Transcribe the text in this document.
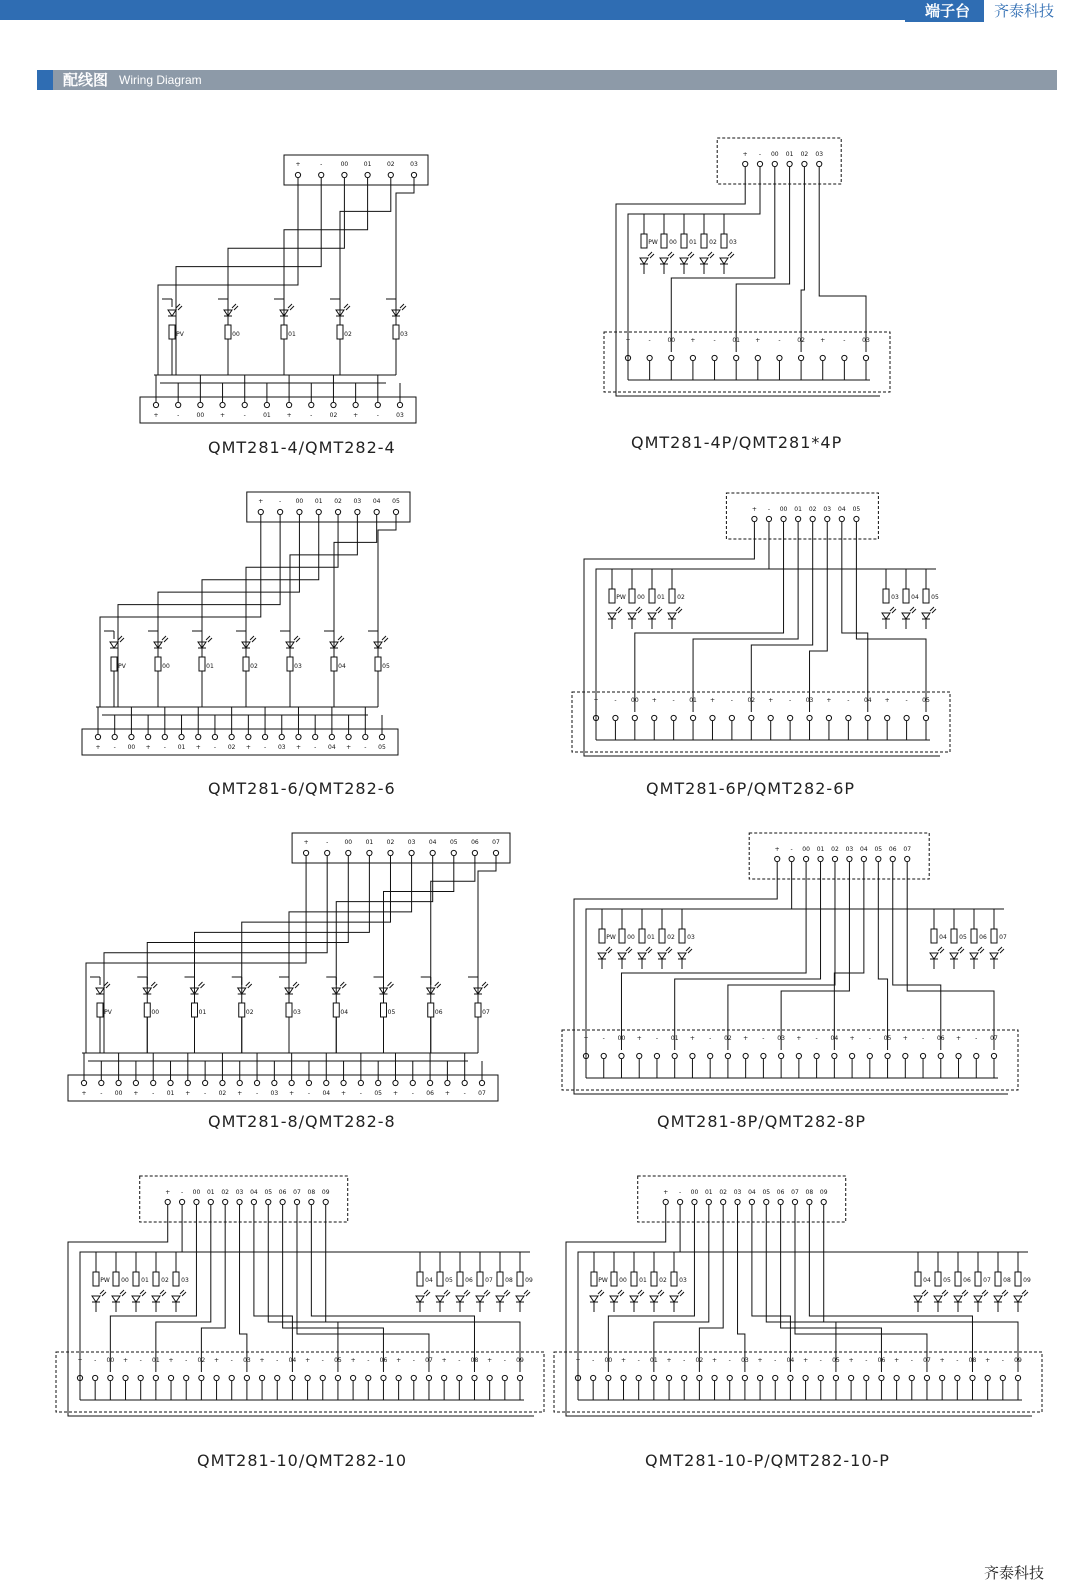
端子台	齐泰科技
配线图 Wiring Diagram
+	-	00	01	02	03
+	-	00	+	-	01	+	-	02	+	-	03
PV	00	01	02	03
QMT281-4/QMT282-4
+ - 00 01 02 03
+	-	00	+	-	01	+	-	02	+	-	03
PW 00 01 02 03
QMT281-4P/QMT281*4P
+	- 00 01 02 03 04 05
+ - 00 + - 01 + - 02 + - 03 + - 04 + - 05
PV	00	01	02	03	04	05
QMT281-6/QMT282-6
+ - 00 01 02 03 04 05
+	- 00 +	- 01 +	- 02 +	- 03 +	- 04 +	- 05
PW 00 01 02	03 04 05
QMT281-6P/QMT282-6P
+	-	00 01 02 03 04 05 06 07
+ - 00 + - 01 + - 02 + - 03 + - 04 + - 05 + - 06 + - 07
PV	00	01	02	03	04	05	06	07
QMT281-8/QMT282-8
+ - 00 01 02 03 04 05 06 07
+ - 00 + - 01 + - 02 + - 03 + - 04 + - 05 + - 06 + - 07
PW 00 01 02 03	04 05 06 07
QMT281-8P/QMT282-8P
+ - 00 01 02 03 04 05 06 07 08 09
+ - 00 + - 01 + - 02 + - 03 + - 04 + - 05 + - 06 + - 07 + - 08 + - 09
PW 00 01 02 03	04 05 06 07 08 09
QMT281-10/QMT282-10
+ - 00 01 02 03 04 05 06 07 08 09
+ - 00 + - 01 + - 02 + - 03 + - 04 + - 05 + - 06 + - 07 + - 08 + - 09
PW 00 01 02 03	04 05 06 07 08 09
QMT281-10-P/QMT282-10-P
齐泰科技
